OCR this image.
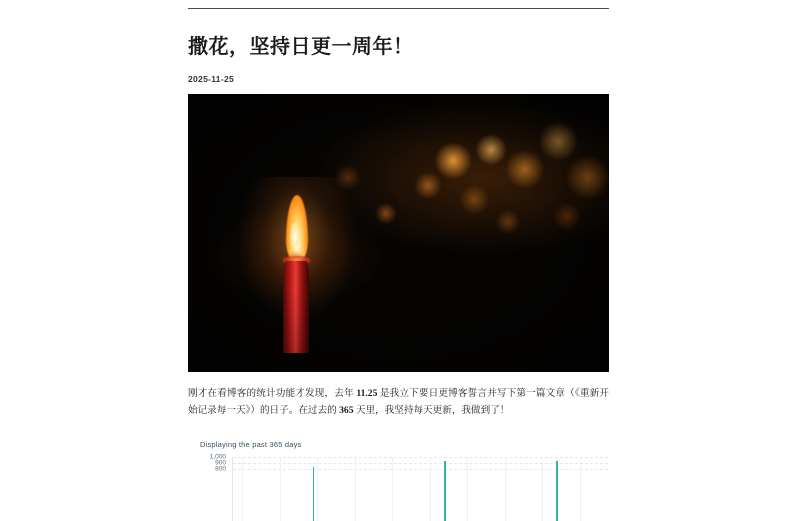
撒花，坚持日更一周年！
2025-11-25

刚才在看博客的统计功能才发现，去年 11.25 是我立下要日更博客誓言并写下第一篇文章（《重新开始记录每一天》）的日子。在过去的 365 天里，我坚持每天更新，我做到了！

Displaying the past 365 days
1,000
900
800
